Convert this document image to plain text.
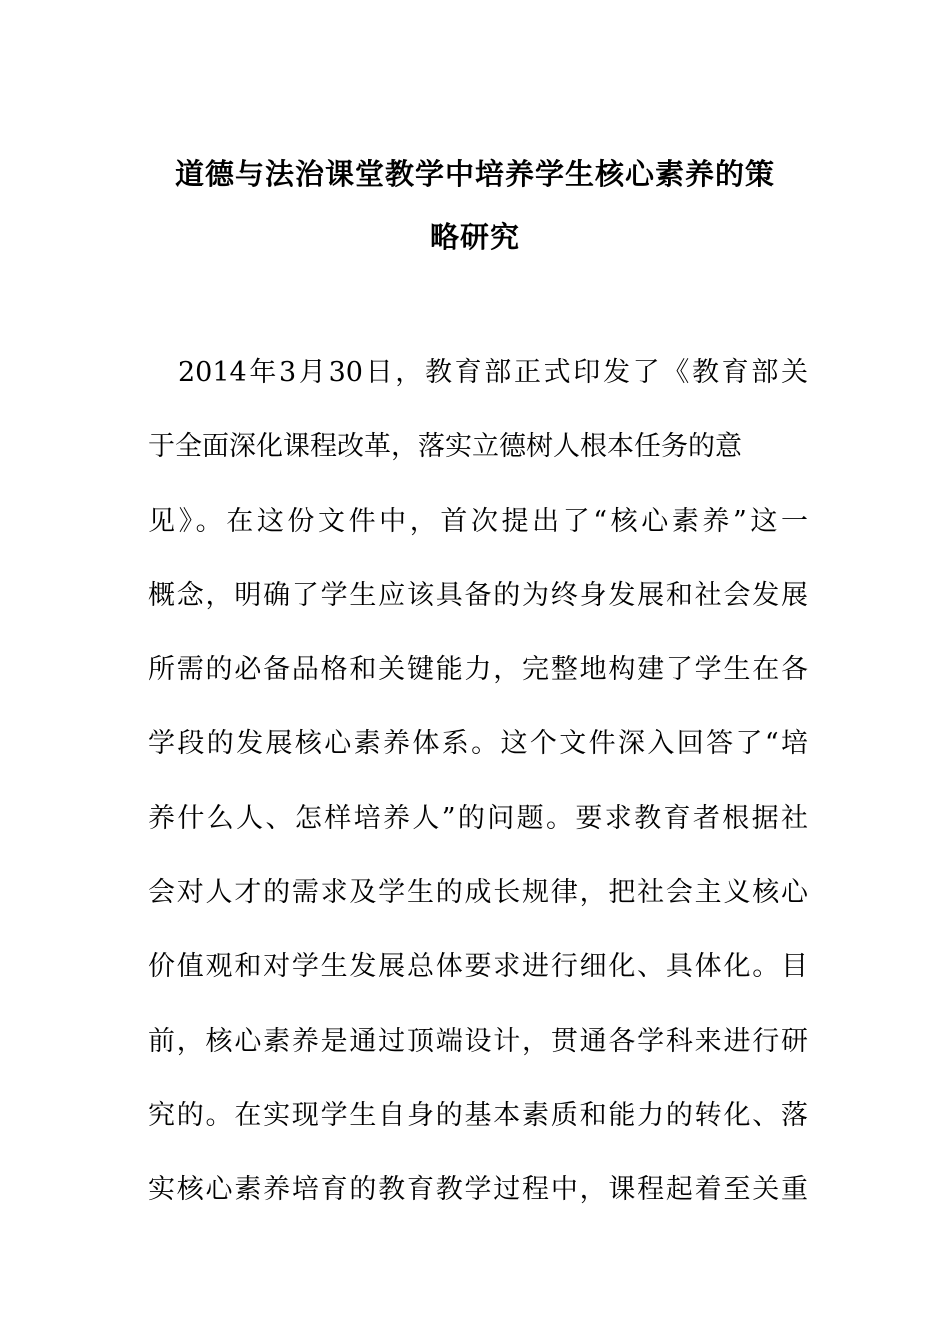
道德与法治课堂教学中培养学生核心素养的策
略研究
2014年3月30日，教育部正式印发了《教育部关
于全面深化课程改革，落实立德树人根本任务的意
见》。在这份文件中，首次提出了“核心素养”这一
概念，明确了学生应该具备的为终身发展和社会发展
所需的必备品格和关键能力，完整地构建了学生在各
学段的发展核心素养体系。这个文件深入回答了“培
养什么人、怎样培养人”的问题。要求教育者根据社
会对人才的需求及学生的成长规律，把社会主义核心
价值观和对学生发展总体要求进行细化、具体化。目
前，核心素养是通过顶端设计，贯通各学科来进行研
究的。在实现学生自身的基本素质和能力的转化、落
实核心素养培育的教育教学过程中，课程起着至关重
